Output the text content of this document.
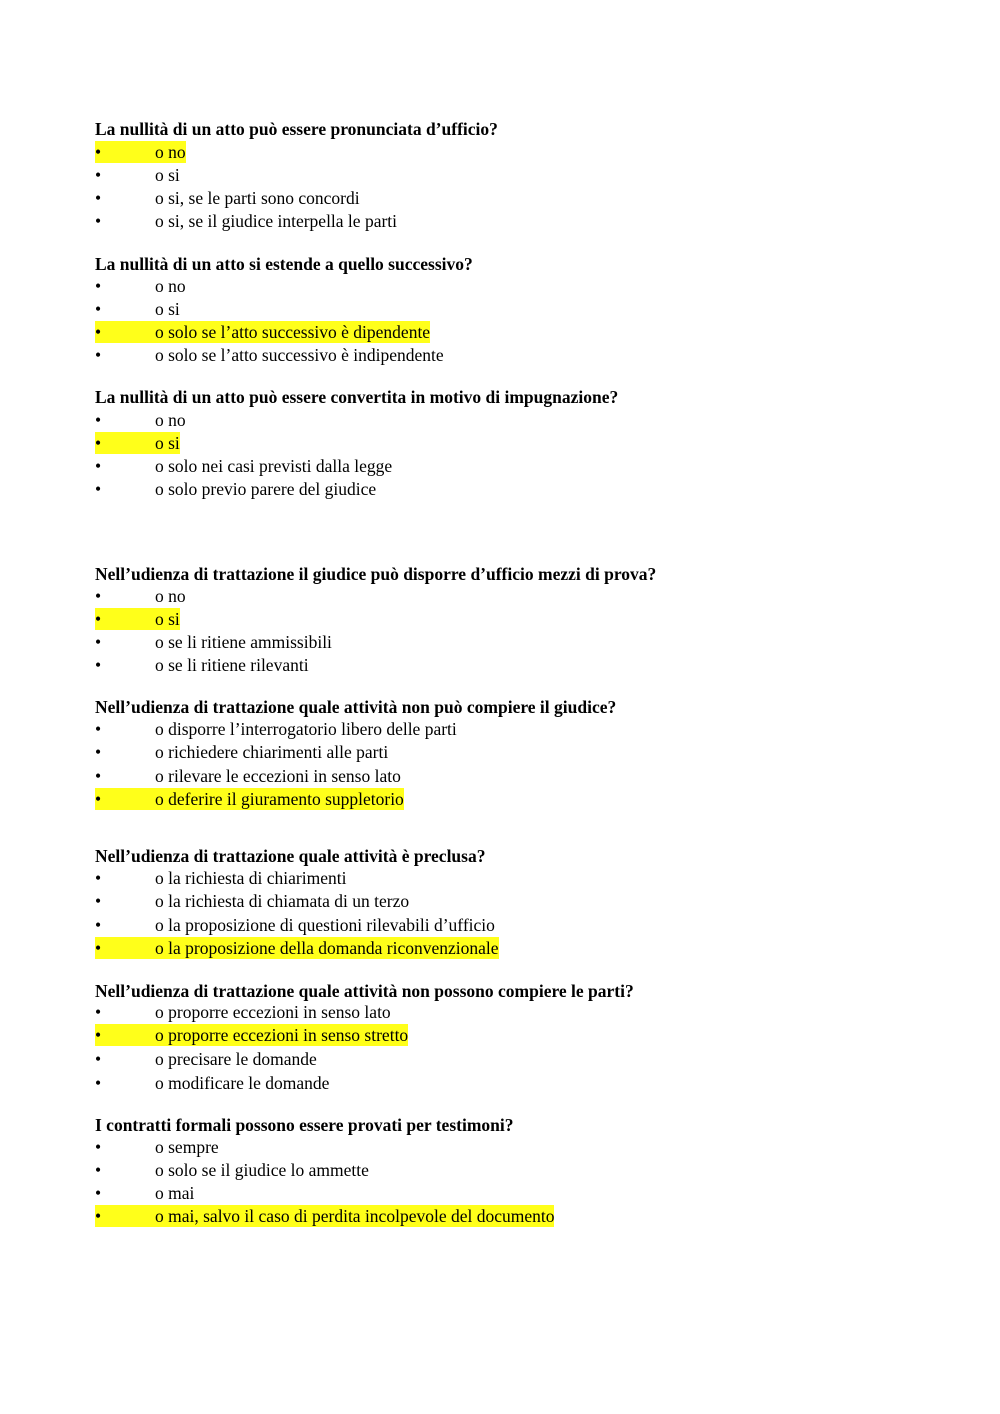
La nullità di un atto può essere pronunciata d’ufficio?
•	o no
•	o si
•	o si, se le parti sono concordi
•	o si, se il giudice interpella le parti
La nullità di un atto si estende a quello successivo?
•	o no
•	o si
•	o solo se l’atto successivo è dipendente
•	o solo se l’atto successivo è indipendente
La nullità di un atto può essere convertita in motivo di impugnazione?
•	o no
•	o si
•	o solo nei casi previsti dalla legge
•	o solo previo parere del giudice
Nell’udienza di trattazione il giudice può disporre d’ufficio mezzi di prova?
•	o no
•	o si
•	o se li ritiene ammissibili
•	o se li ritiene rilevanti
Nell’udienza di trattazione quale attività non può compiere il giudice?
•	o disporre l’interrogatorio libero delle parti
•	o richiedere chiarimenti alle parti
•	o rilevare le eccezioni in senso lato
•	o deferire il giuramento suppletorio
Nell’udienza di trattazione quale attività è preclusa?
•	o la richiesta di chiarimenti
•	o la richiesta di chiamata di un terzo
•	o la proposizione di questioni rilevabili d’ufficio
•	o la proposizione della domanda riconvenzionale
Nell’udienza di trattazione quale attività non possono compiere le parti?
•	o proporre eccezioni in senso lato
•	o proporre eccezioni in senso stretto
•	o precisare le domande
•	o modificare le domande
I contratti formali possono essere provati per testimoni?
•	o sempre
•	o solo se il giudice lo ammette
•	o mai
•	o mai, salvo il caso di perdita incolpevole del documento
